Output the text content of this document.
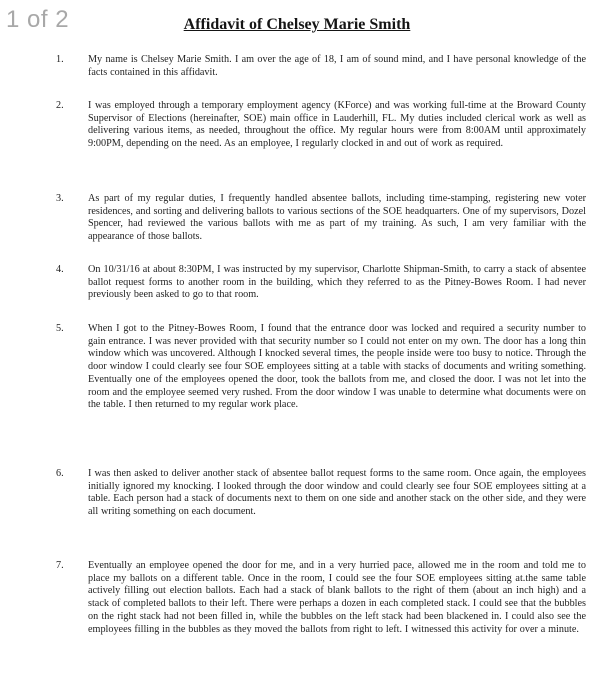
1 of 2	Affidavit of Chelsey Marie Smith
1.	My name is Chelsey Marie Smith. I am over the age of 18, I am of sound mind, and I have personal knowledge of the facts contained in this affidavit.
2.	I was employed through a temporary employment agency (KForce) and was working full-time at the Broward County Supervisor of Elections (hereinafter, SOE) main office in Lauderhill, FL. My duties included clerical work as well as delivering various items, as needed, throughout the office. My regular hours were from 8:00AM until approximately 9:00PM, depending on the need. As an employee, I regularly clocked in and out of work as required.
3.	As part of my regular duties, I frequently handled absentee ballots, including time-stamping, registering new voter residences, and sorting and delivering ballots to various sections of the SOE headquarters. One of my supervisors, Dozel Spencer, had reviewed the various ballots with me as part of my training. As such, I am very familiar with the appearance of those ballots.
4.	On 10/31/16 at about 8:30PM, I was instructed by my supervisor, Charlotte Shipman-Smith, to carry a stack of absentee ballot request forms to another room in the building, which they referred to as the Pitney-Bowes Room. I had never previously been asked to go to that room.
5.	When I got to the Pitney-Bowes Room, I found that the entrance door was locked and required a security number to gain entrance. I was never provided with that security number so I could not enter on my own. The door has a long thin window which was uncovered. Although I knocked several times, the people inside were too busy to notice. Through the door window I could clearly see four SOE employees sitting at a table with stacks of documents and writing something. Eventually one of the employees opened the door, took the ballots from me, and closed the door. I was not let into the room and the employee seemed very rushed. From the door window I was unable to determine what documents were on the table. I then returned to my regular work place.
6.	I was then asked to deliver another stack of absentee ballot request forms to the same room. Once again, the employees initially ignored my knocking. I looked through the door window and could clearly see four SOE employees sitting at a table. Each person had a stack of documents next to them on one side and another stack on the other side, and they were all writing something on each document.
7.	Eventually an employee opened the door for me, and in a very hurried pace, allowed me in the room and told me to place my ballots on a different table. Once in the room, I could see the four SOE employees sitting at.the same table actively filling out election ballots. Each had a stack of blank ballots to the right of them (about an inch high) and a stack of completed ballots to their left. There were perhaps a dozen in each completed stack. I could see that the bubbles on the right stack had not been filled in, while the bubbles on the left stack had been blackened in. I could also see the employees filling in the bubbles as they moved the ballots from right to left. I witnessed this activity for over a minute.
